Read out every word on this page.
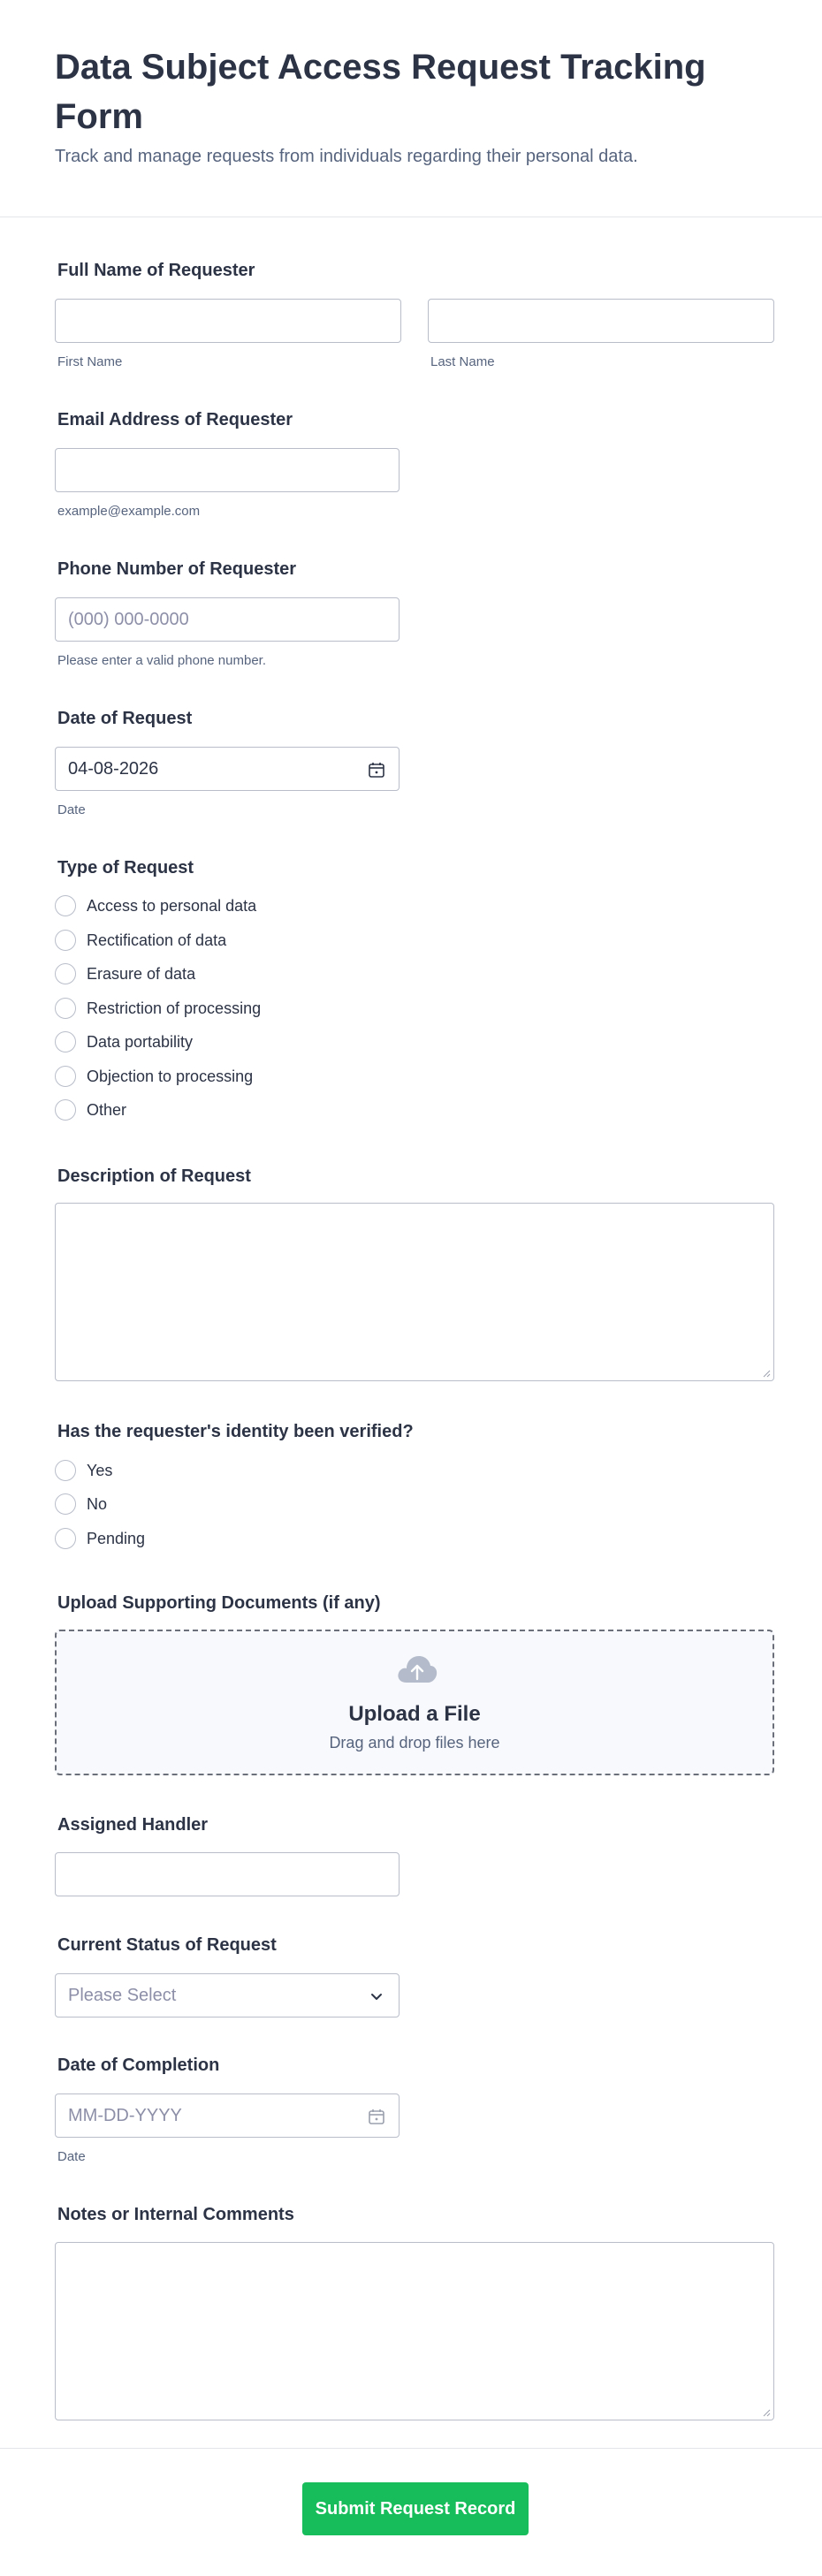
Data Subject Access Request Tracking Form

Track and manage requests from individuals regarding their personal data.

Full Name of Requester
First Name	Last Name
Email Address of Requester
example@example.com
Phone Number of Requester
(000) 000-0000
Please enter a valid phone number.
Date of Request
04-08-2026
Date
Type of Request
Access to personal data
Rectification of data
Erasure of data
Restriction of processing
Data portability
Objection to processing
Other
Description of Request
Has the requester's identity been verified?
Yes
No
Pending
Upload Supporting Documents (if any)
Upload a File
Drag and drop files here
Assigned Handler
Current Status of Request
Please Select
Date of Completion
MM-DD-YYYY
Date
Notes or Internal Comments
Submit Request Record
